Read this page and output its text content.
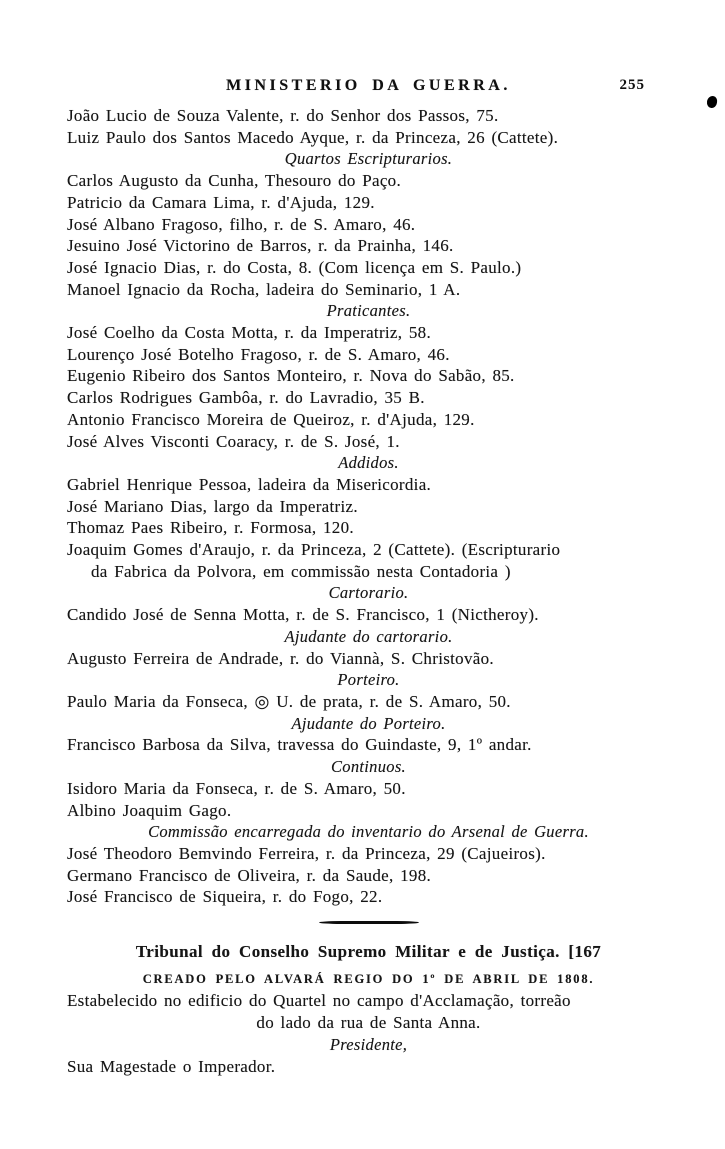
MINISTERIO DA GUERRA.	255
João Lucio de Souza Valente, r. do Senhor dos Passos, 75.
Luiz Paulo dos Santos Macedo Ayque, r. da Princeza, 26 (Cattete).
Quartos Escripturarios.
Carlos Augusto da Cunha, Thesouro do Paço.
Patricio da Camara Lima, r. d'Ajuda, 129.
José Albano Fragoso, filho, r. de S. Amaro, 46.
Jesuino José Victorino de Barros, r. da Prainha, 146.
José Ignacio Dias, r. do Costa, 8. (Com licença em S. Paulo.)
Manoel Ignacio da Rocha, ladeira do Seminario, 1 A.
Praticantes.
José Coelho da Costa Motta, r. da Imperatriz, 58.
Lourenço José Botelho Fragoso, r. de S. Amaro, 46.
Eugenio Ribeiro dos Santos Monteiro, r. Nova do Sabão, 85.
Carlos Rodrigues Gambôa, r. do Lavradio, 35 B.
Antonio Francisco Moreira de Queiroz, r. d'Ajuda, 129.
José Alves Visconti Coaracy, r. de S. José, 1.
Addidos.
Gabriel Henrique Pessoa, ladeira da Misericordia.
José Mariano Dias, largo da Imperatriz.
Thomaz Paes Ribeiro, r. Formosa, 120.
Joaquim Gomes d'Araujo, r. da Princeza, 2 (Cattete). (Escripturario
da Fabrica da Polvora, em commissão nesta Contadoria )
Cartorario.
Candido José de Senna Motta, r. de S. Francisco, 1 (Nictheroy).
Ajudante do cartorario.
Augusto Ferreira de Andrade, r. do Viannà, S. Christovão.
Porteiro.
Paulo Maria da Fonseca, ◎ U. de prata, r. de S. Amaro, 50.
Ajudante do Porteiro.
Francisco Barbosa da Silva, travessa do Guindaste, 9, 1º andar.
Continuos.
Isidoro Maria da Fonseca, r. de S. Amaro, 50.
Albino Joaquim Gago.
Commissão encarregada do inventario do Arsenal de Guerra.
José Theodoro Bemvindo Ferreira, r. da Princeza, 29 (Cajueiros).
Germano Francisco de Oliveira, r. da Saude, 198.
José Francisco de Siqueira, r. do Fogo, 22.
Tribunal do Conselho Supremo Militar e de Justiça. [167
CREADO PELO ALVARÁ REGIO DO 1º DE ABRIL DE 1808.
Estabelecido no edificio do Quartel no campo d'Acclamação, torreão
do lado da rua de Santa Anna.
Presidente,
Sua Magestade o Imperador.
